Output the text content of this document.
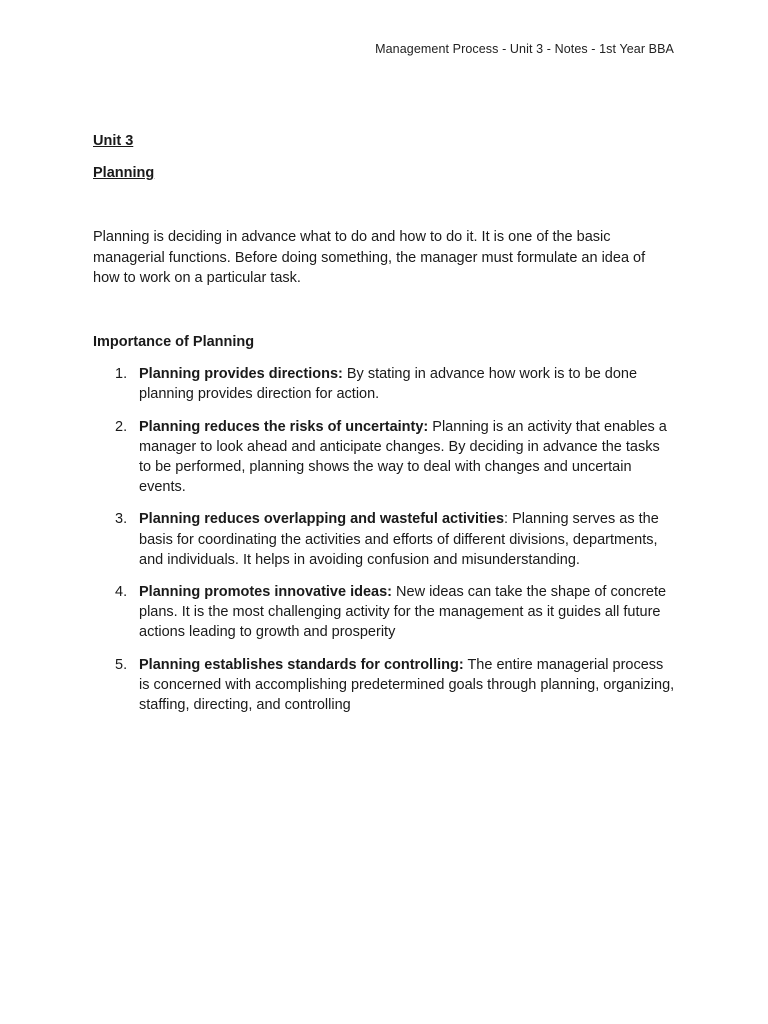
Management Process - Unit 3 - Notes - 1st Year BBA

Unit 3

Planning

Planning is deciding in advance what to do and how to do it. It is one of the basic managerial functions. Before doing something, the manager must formulate an idea of how to work on a particular task.

Importance of Planning

1. Planning provides directions: By stating in advance how work is to be done planning provides direction for action.
2. Planning reduces the risks of uncertainty: Planning is an activity that enables a manager to look ahead and anticipate changes. By deciding in advance the tasks to be performed, planning shows the way to deal with changes and uncertain events.
3. Planning reduces overlapping and wasteful activities: Planning serves as the basis for coordinating the activities and efforts of different divisions, departments, and individuals. It helps in avoiding confusion and misunderstanding.
4. Planning promotes innovative ideas: New ideas can take the shape of concrete plans. It is the most challenging activity for the management as it guides all future actions leading to growth and prosperity
5. Planning establishes standards for controlling: The entire managerial process is concerned with accomplishing predetermined goals through planning, organizing, staffing, directing, and controlling
